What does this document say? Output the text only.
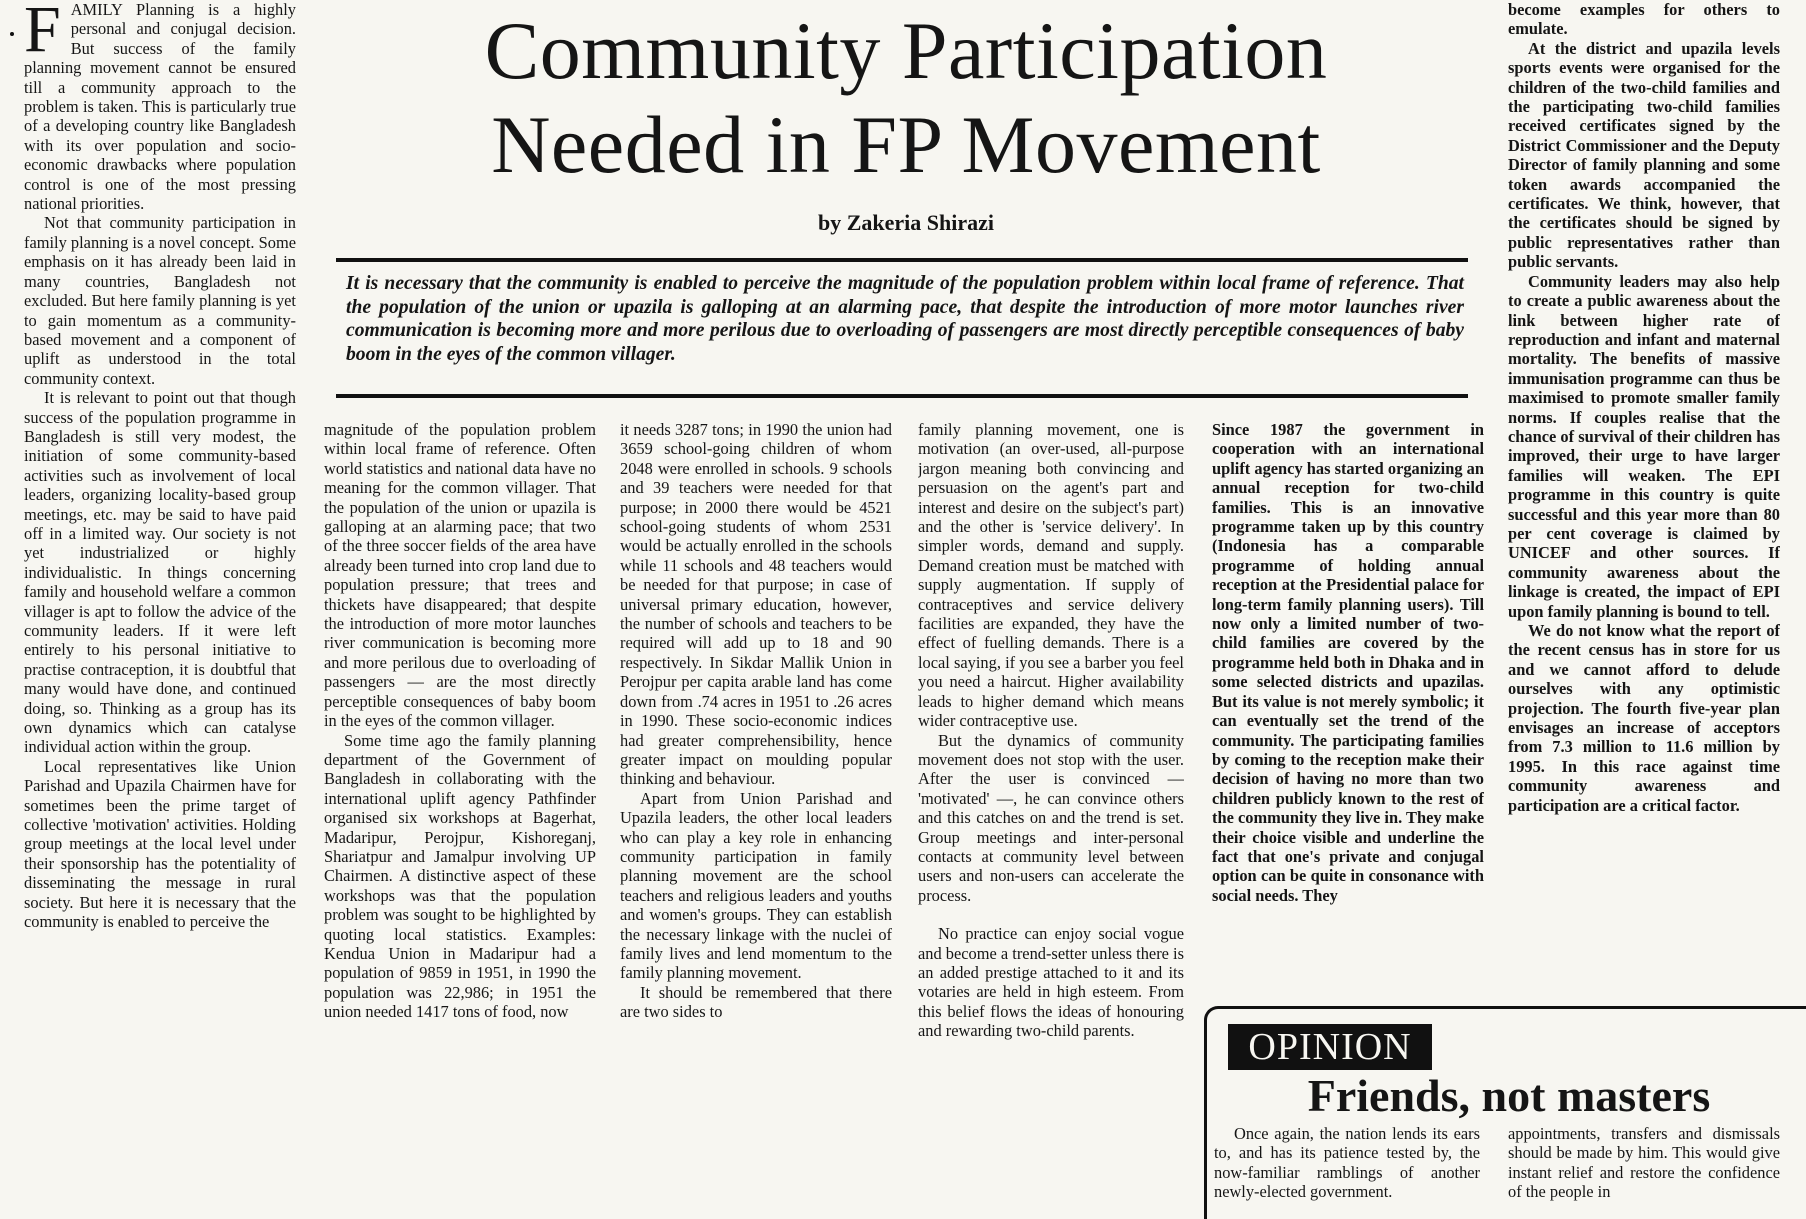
Community Participation
Needed in FP Movement
by Zakeria Shirazi

It is necessary that the community is enabled to perceive the magnitude of the population problem within local frame of reference. That the population of the union or upazila is galloping at an alarming pace, that despite the introduction of more motor launches river communication is becoming more and more perilous due to overloading of passengers are most directly perceptible consequences of baby boom in the eyes of the common villager.

FAMILY Planning is a highly personal and conjugal decision. But success of the family planning movement cannot be ensured till a community approach to the problem is taken. This is particularly true of a developing country like Bangladesh with its over population and socio-economic drawbacks where population control is one of the most pressing national priorities.

Not that community participation in family planning is a novel concept. Some emphasis on it has already been laid in many countries, Bangladesh not excluded. But here family planning is yet to gain momentum as a community-based movement and a component of uplift as understood in the total community context.

It is relevant to point out that though success of the population programme in Bangladesh is still very modest, the initiation of some community-based activities such as involvement of local leaders, organizing locality-based group meetings, etc. may be said to have paid off in a limited way. Our society is not yet industrialized or highly individualistic. In things concerning family and household welfare a common villager is apt to follow the advice of the community leaders. If it were left entirely to his personal initiative to practise contraception, it is doubtful that many would have done, and continued doing, so. Thinking as a group has its own dynamics which can catalyse individual action within the group.

Local representatives like Union Parishad and Upazila Chairmen have for sometimes been the prime target of collective 'motivation' activities. Holding group meetings at the local level under their sponsorship has the potentiality of disseminating the message in rural society. But here it is necessary that the community is enabled to perceive the

magnitude of the population problem within local frame of reference. Often world statistics and national data have no meaning for the common villager. That the population of the union or upazila is galloping at an alarming pace; that two of the three soccer fields of the area have already been turned into crop land due to population pressure; that trees and thickets have disappeared; that despite the introduction of more motor launches river communication is becoming more and more perilous due to overloading of passengers — are the most directly perceptible consequences of baby boom in the eyes of the common villager.

Some time ago the family planning department of the Government of Bangladesh in collaborating with the international uplift agency Pathfinder organised six workshops at Bagerhat, Madaripur, Perojpur, Kishoreganj, Shariatpur and Jamalpur involving UP Chairmen. A distinctive aspect of these workshops was that the population problem was sought to be highlighted by quoting local statistics. Examples: Kendua Union in Madaripur had a population of 9859 in 1951, in 1990 the population was 22,986; in 1951 the union needed 1417 tons of food, now

it needs 3287 tons; in 1990 the union had 3659 school-going children of whom 2048 were enrolled in schools. 9 schools and 39 teachers were needed for that purpose; in 2000 there would be 4521 school-going students of whom 2531 would be actually enrolled in the schools while 11 schools and 48 teachers would be needed for that purpose; in case of universal primary education, however, the number of schools and teachers to be required will add up to 18 and 90 respectively. In Sikdar Mallik Union in Perojpur per capita arable land has come down from .74 acres in 1951 to .26 acres in 1990. These socio-economic indices had greater comprehensibility, hence greater impact on moulding popular thinking and behaviour.

Apart from Union Parishad and Upazila leaders, the other local leaders who can play a key role in enhancing community participation in family planning movement are the school teachers and religious leaders and youths and women's groups. They can establish the necessary linkage with the nuclei of family lives and lend momentum to the family planning movement.

It should be remembered that there are two sides to

family planning movement, one is motivation (an over-used, all-purpose jargon meaning both convincing and persuasion on the agent's part and interest and desire on the subject's part) and the other is 'service delivery'. In simpler words, demand and supply. Demand creation must be matched with supply augmentation. If supply of contraceptives and service delivery facilities are expanded, they have the effect of fuelling demands. There is a local saying, if you see a barber you feel you need a haircut. Higher availability leads to higher demand which means wider contraceptive use.

But the dynamics of community movement does not stop with the user. After the user is convinced — 'motivated' —, he can convince others and this catches on and the trend is set. Group meetings and inter-personal contacts at community level between users and non-users can accelerate the process.

No practice can enjoy social vogue and become a trend-setter unless there is an added prestige attached to it and its votaries are held in high esteem. From this belief flows the ideas of honouring and rewarding two-child parents.

Since 1987 the government in cooperation with an international uplift agency has started organizing an annual reception for two-child families. This is an innovative programme taken up by this country (Indonesia has a comparable programme of holding annual reception at the Presidential palace for long-term family planning users). Till now only a limited number of two-child families are covered by the programme held both in Dhaka and in some selected districts and upazilas. But its value is not merely symbolic; it can eventually set the trend of the community. The participating families by coming to the reception make their decision of having no more than two children publicly known to the rest of the community they live in. They make their choice visible and underline the fact that one's private and conjugal option can be quite in consonance with social needs. They

become examples for others to emulate.

At the district and upazila levels sports events were organised for the children of the two-child families and the participating two-child families received certificates signed by the District Commissioner and the Deputy Director of family planning and some token awards accompanied the certificates. We think, however, that the certificates should be signed by public representatives rather than public servants.

Community leaders may also help to create a public awareness about the link between higher rate of reproduction and infant and maternal mortality. The benefits of massive immunisation programme can thus be maximised to promote smaller family norms. If couples realise that the chance of survival of their children has improved, their urge to have larger families will weaken. The EPI programme in this country is quite successful and this year more than 80 per cent coverage is claimed by UNICEF and other sources. If community awareness about the linkage is created, the impact of EPI upon family planning is bound to tell.

We do not know what the report of the recent census has in store for us and we cannot afford to delude ourselves with any optimistic projection. The fourth five-year plan envisages an increase of acceptors from 7.3 million to 11.6 million by 1995. In this race against time community awareness and participation are a critical factor.

OPINION
Friends, not masters

Once again, the nation lends its ears to, and has its patience tested by, the now-familiar ramblings of another newly-elected government.

appointments, transfers and dismissals should be made by him. This would give instant relief and restore the confidence of the people in
